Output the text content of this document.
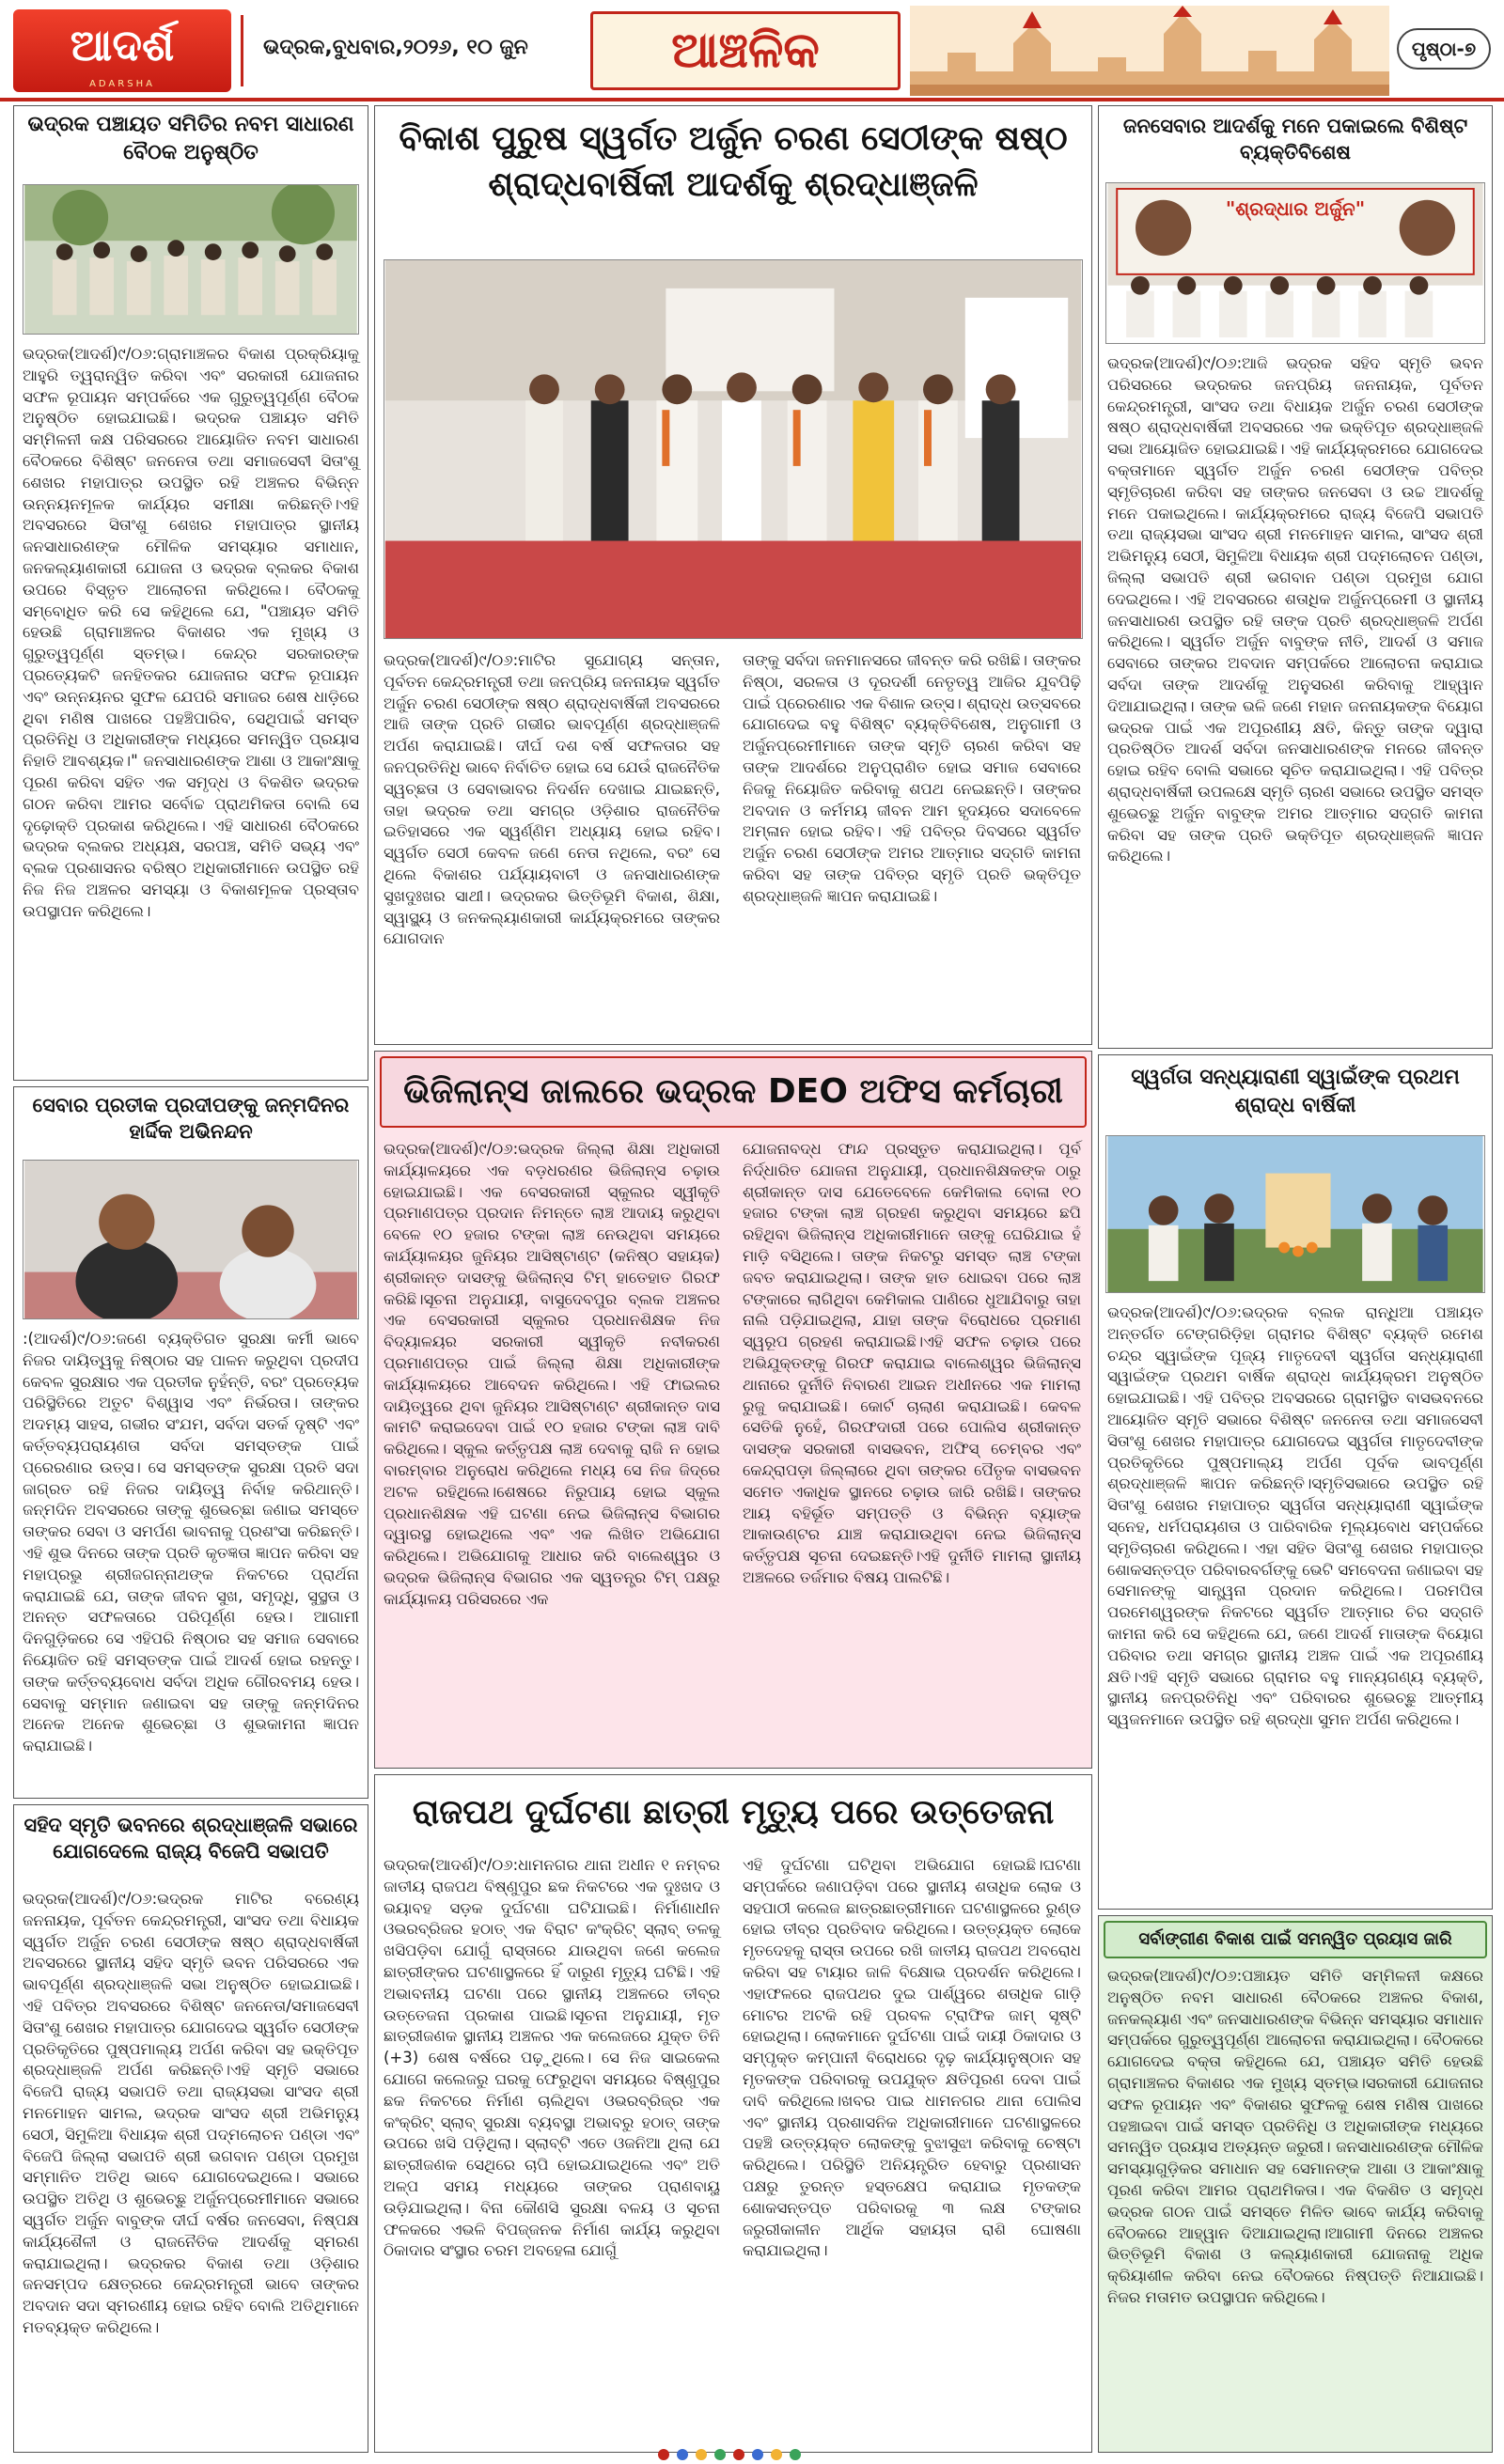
ଆଦର୍ଶ
ADARSHA
ଭଦ୍ରକ,ବୁଧବାର,୨୦୨୬, ୧୦ ଜୁନ	ଆଞ୍ଚଳିକ	ପୃଷ୍ଠା-୭
ଭଦ୍ରକ ପଞ୍ଚାୟତ ସମିତିର ନବମ ସାଧାରଣ ବୈଠକ ଅନୁଷ୍ଠିତ
ଭଦ୍ରକ(ଆଦର୍ଶ)୯/୦୬:ଗ୍ରାମାଞ୍ଚଳର ବିକାଶ ପ୍ରକ୍ରିୟାକୁ ଆହୁରି ତ୍ୱରାନ୍ୱିତ କରିବା ଏବଂ ସରକାରୀ ଯୋଜନାର ସଫଳ ରୂପାୟନ ସମ୍ପର୍କରେ ଏକ ଗୁରୁତ୍ୱପୂର୍ଣ୍ଣ ବୈଠକ ଅନୁଷ୍ଠିତ ହୋଇଯାଇଛି। ଭଦ୍ରକ ପଞ୍ଚାୟତ ସମିତି ସମ୍ମିଳନୀ କକ୍ଷ ପରିସରରେ ଆୟୋଜିତ ନବମ ସାଧାରଣ ବୈଠକରେ ବିଶିଷ୍ଟ ଜନନେତା ତଥା ସମାଜସେବୀ ସିତାଂଶୁ ଶେଖର ମହାପାତ୍ର ଉପସ୍ଥିତ ରହି ଅଞ୍ଚଳର ବିଭିନ୍ନ ଉନ୍ନୟନମୂଳକ କାର୍ଯ୍ୟର ସମୀକ୍ଷା କରିଛନ୍ତି।ଏହି ଅବସରରେ ସିତାଂଶୁ ଶେଖର ମହାପାତ୍ର ସ୍ଥାନୀୟ ଜନସାଧାରଣଙ୍କ ମୌଳିକ ସମସ୍ୟାର ସମାଧାନ, ଜନକଲ୍ୟାଣକାରୀ ଯୋଜନା ଓ ଭଦ୍ରକ ବ୍ଲକର ବିକାଶ ଉପରେ ବିସ୍ତୃତ ଆଲୋଚନା କରିଥିଲେ। ବୈଠକକୁ ସମ୍ବୋଧିତ କରି ସେ କହିଥିଲେ ଯେ, "ପଞ୍ଚାୟତ ସମିତି ହେଉଛି ଗ୍ରାମାଞ୍ଚଳର ବିକାଶର ଏକ ମୁଖ୍ୟ ଓ ଗୁରୁତ୍ୱପୂର୍ଣ୍ଣ ସ୍ତମ୍ଭ। କେନ୍ଦ୍ର ସରକାରଙ୍କ ପ୍ରତ୍ୟେକଟି ଜନହିତକର ଯୋଜନାର ସଫଳ ରୂପାୟନ ଏବଂ ଉନ୍ନୟନର ସୁଫଳ ଯେପରି ସମାଜର ଶେଷ ଧାଡ଼ିରେ ଥିବା ମଣିଷ ପାଖରେ ପହଞ୍ଚିପାରିବ, ସେଥିପାଇଁ ସମସ୍ତ ପ୍ରତିନିଧି ଓ ଅଧିକାରୀଙ୍କ ମଧ୍ୟରେ ସମନ୍ୱିତ ପ୍ରୟାସ ନିହାତି ଆବଶ୍ୟକ।" ଜନସାଧାରଣଙ୍କ ଆଶା ଓ ଆକାଂକ୍ଷାକୁ ପୂରଣ କରିବା ସହିତ ଏକ ସମୃଦ୍ଧ ଓ ବିକଶିତ ଭଦ୍ରକ ଗଠନ କରିବା ଆମର ସର୍ବୋଚ୍ଚ ପ୍ରାଥମିକତା ବୋଲି ସେ ଦୃଢ଼ୋକ୍ତି ପ୍ରକାଶ କରିଥିଲେ। ଏହି ସାଧାରଣ ବୈଠକରେ ଭଦ୍ରକ ବ୍ଲକର ଅଧ୍ୟକ୍ଷ, ସରପଞ୍ଚ, ସମିତି ସଭ୍ୟ ଏବଂ ବ୍ଲକ ପ୍ରଶାସନର ବରିଷ୍ଠ ଅଧିକାରୀମାନେ ଉପସ୍ଥିତ ରହି ନିଜ ନିଜ ଅଞ୍ଚଳର ସମସ୍ୟା ଓ ବିକାଶମୂଳକ ପ୍ରସ୍ତାବ ଉପସ୍ଥାପନ କରିଥିଲେ।
ସେବାର ପ୍ରତୀକ ପ୍ରଦୀପଙ୍କୁ ଜନ୍ମଦିନର ହାର୍ଦ୍ଦିକ ଅଭିନନ୍ଦନ
:(ଆଦର୍ଶ)୯/୦୬:ଜଣେ ବ୍ୟକ୍ତିଗତ ସୁରକ୍ଷା କର୍ମୀ ଭାବେ ନିଜର ଦାୟିତ୍ୱକୁ ନିଷ୍ଠାର ସହ ପାଳନ କରୁଥିବା ପ୍ରଦୀପ କେବଳ ସୁରକ୍ଷାର ଏକ ପ୍ରତୀକ ନୁହଁନ୍ତି, ବରଂ ପ୍ରତ୍ୟେକ ପରିସ୍ଥିତିରେ ଅତୁଟ ବିଶ୍ୱାସ ଏବଂ ନିର୍ଭରତା। ତାଙ୍କର ଅଦମ୍ୟ ସାହସ, ଗଭୀର ସଂଯମ, ସର୍ବଦା ସତର୍କ ଦୃଷ୍ଟି ଏବଂ କର୍ତ୍ତବ୍ୟପରାୟଣତା ସର୍ବଦା ସମସ୍ତଙ୍କ ପାଇଁ ପ୍ରେରଣାର ଉତ୍ସ। ସେ ସମସ୍ତଙ୍କ ସୁରକ୍ଷା ପ୍ରତି ସଦା ଜାଗ୍ରତ ରହି ନିଜର ଦାୟିତ୍ୱ ନିର୍ବାହ କରିଥାନ୍ତି। ଜନ୍ମଦିନ ଅବସରରେ ତାଙ୍କୁ ଶୁଭେଚ୍ଛା ଜଣାଇ ସମସ୍ତେ ତାଙ୍କର ସେବା ଓ ସମର୍ପଣ ଭାବନାକୁ ପ୍ରଶଂସା କରିଛନ୍ତି। ଏହି ଶୁଭ ଦିନରେ ତାଙ୍କ ପ୍ରତି କୃତଜ୍ଞତା ଜ୍ଞାପନ କରିବା ସହ ମହାପ୍ରଭୁ ଶ୍ରୀଜଗନ୍ନାଥଙ୍କ ନିକଟରେ ପ୍ରାର୍ଥନା କରାଯାଇଛି ଯେ, ତାଙ୍କ ଜୀବନ ସୁଖ, ସମୃଦ୍ଧି, ସୁସ୍ଥତା ଓ ଅନନ୍ତ ସଫଳତାରେ ପରିପୂର୍ଣ୍ଣ ହେଉ। ଆଗାମୀ ଦିନଗୁଡ଼ିକରେ ସେ ଏହିପରି ନିଷ୍ଠାର ସହ ସମାଜ ସେବାରେ ନିୟୋଜିତ ରହି ସମସ୍ତଙ୍କ ପାଇଁ ଆଦର୍ଶ ହୋଇ ରହନ୍ତୁ। ତାଙ୍କ କର୍ତ୍ତବ୍ୟବୋଧ ସର୍ବଦା ଅଧିକ ଗୌରବମୟ ହେଉ। ସେବାକୁ ସମ୍ମାନ ଜଣାଇବା ସହ ତାଙ୍କୁ ଜନ୍ମଦିନର ଅନେକ ଅନେକ ଶୁଭେଚ୍ଛା ଓ ଶୁଭକାମନା ଜ୍ଞାପନ କରାଯାଇଛି।
ସହିଦ ସ୍ମୃତି ଭବନରେ ଶ୍ରଦ୍ଧାଞ୍ଜଳି ସଭାରେ ଯୋଗଦେଲେ ରାଜ୍ୟ ବିଜେପି ସଭାପତି
ଭଦ୍ରକ(ଆଦର୍ଶ)୯/୦୬:ଭଦ୍ରକ ମାଟିର ବରେଣ୍ୟ ଜନନାୟକ, ପୂର୍ବତନ କେନ୍ଦ୍ରମନ୍ତ୍ରୀ, ସାଂସଦ ତଥା ବିଧାୟକ ସ୍ୱର୍ଗତ ଅର୍ଜୁନ ଚରଣ ସେଠୀଙ୍କ ଷଷ୍ଠ ଶ୍ରାଦ୍ଧବାର୍ଷିକୀ ଅବସରରେ ସ୍ଥାନୀୟ ସହିଦ ସ୍ମୃତି ଭବନ ପରିସରରେ ଏକ ଭାବପୂର୍ଣ୍ଣ ଶ୍ରଦ୍ଧାଞ୍ଜଳି ସଭା ଅନୁଷ୍ଠିତ ହୋଇଯାଇଛି। ଏହି ପବିତ୍ର ଅବସରରେ ବିଶିଷ୍ଟ ଜନନେତା/ସମାଜସେବୀ ସିତାଂଶୁ ଶେଖର ମହାପାତ୍ର ଯୋଗଦେଇ ସ୍ୱର୍ଗତ ସେଠୀଙ୍କ ପ୍ରତିକୃତିରେ ପୁଷ୍ପମାଲ୍ୟ ଅର୍ପଣ କରିବା ସହ ଭକ୍ତିପୂତ ଶ୍ରଦ୍ଧାଞ୍ଜଳି ଅର୍ପଣ କରିଛନ୍ତି।ଏହି ସ୍ମୃତି ସଭାରେ ବିଜେପି ରାଜ୍ୟ ସଭାପତି ତଥା ରାଜ୍ୟସଭା ସାଂସଦ ଶ୍ରୀ ମନମୋହନ ସାମଲ, ଭଦ୍ରକ ସାଂସଦ ଶ୍ରୀ ଅଭିମନ୍ୟୁ ସେଠୀ, ସିମୁଳିଆ ବିଧାୟକ ଶ୍ରୀ ପଦ୍ମଲୋଚନ ପଣ୍ଡା ଏବଂ ବିଜେପି ଜିଲ୍ଲା ସଭାପତି ଶ୍ରୀ ଭଗବାନ ପଣ୍ଡା ପ୍ରମୁଖ ସମ୍ମାନିତ ଅତିଥି ଭାବେ ଯୋଗଦେଇଥିଲେ। ସଭାରେ ଉପସ୍ଥିତ ଅତିଥି ଓ ଶୁଭେଚ୍ଛୁ ଅର୍ଜୁନପ୍ରେମୀମାନେ ସଭାରେ ସ୍ୱର୍ଗତ ଅର୍ଜୁନ ବାବୁଙ୍କ ଦୀର୍ଘ ବର୍ଷର ଜନସେବା, ନିଷ୍ପକ୍ଷ କାର୍ଯ୍ୟଶୈଳୀ ଓ ରାଜନୈତିକ ଆଦର୍ଶକୁ ସ୍ମରଣ କରାଯାଇଥିଲା। ଭଦ୍ରକର ବିକାଶ ତଥା ଓଡ଼ିଶାର ଜନସମ୍ପଦ କ୍ଷେତ୍ରରେ କେନ୍ଦ୍ରମନ୍ତ୍ରୀ ଭାବେ ତାଙ୍କର ଅବଦାନ ସଦା ସ୍ମରଣୀୟ ହୋଇ ରହିବ ବୋଲି ଅତିଥିମାନେ ମତବ୍ୟକ୍ତ କରିଥିଲେ।
ବିକାଶ ପୁରୁଷ ସ୍ୱର୍ଗତ ଅର୍ଜୁନ ଚରଣ ସେଠୀଙ୍କ ଷଷ୍ଠ ଶ୍ରାଦ୍ଧବାର୍ଷିକୀ ଆଦର୍ଶକୁ ଶ୍ରଦ୍ଧାଞ୍ଜଳି
ଭଦ୍ରକ(ଆଦର୍ଶ)୯/୦୬:ମାଟିର ସୁଯୋଗ୍ୟ ସନ୍ତାନ, ପୂର୍ବତନ କେନ୍ଦ୍ରମନ୍ତ୍ରୀ ତଥା ଜନପ୍ରିୟ ଜନନାୟକ ସ୍ୱର୍ଗତ ଅର୍ଜୁନ ଚରଣ ସେଠୀଙ୍କ ଷଷ୍ଠ ଶ୍ରାଦ୍ଧବାର୍ଷିକୀ ଅବସରରେ ଆଜି ତାଙ୍କ ପ୍ରତି ଗଭୀର ଭାବପୂର୍ଣ୍ଣ ଶ୍ରଦ୍ଧାଞ୍ଜଳି ଅର୍ପଣ କରାଯାଇଛି। ଦୀର୍ଘ ଦଶ ବର୍ଷ ସଫଳତାର ସହ ଜନପ୍ରତିନିଧି ଭାବେ ନିର୍ବାଚିତ ହୋଇ ସେ ଯେଉଁ ରାଜନୈତିକ ସ୍ୱଚ୍ଛତା ଓ ସେବାଭାବର ନିଦର୍ଶନ ଦେଖାଇ ଯାଇଛନ୍ତି, ତାହା ଭଦ୍ରକ ତଥା ସମଗ୍ର ଓଡ଼ିଶାର ରାଜନୈତିକ ଇତିହାସରେ ଏକ ସ୍ୱର୍ଣ୍ଣିମ ଅଧ୍ୟାୟ ହୋଇ ରହିବ। ସ୍ୱର୍ଗତ ସେଠୀ କେବଳ ଜଣେ ନେତା ନଥିଲେ, ବରଂ ସେ ଥିଲେ ବିକାଶର ପର୍ଯ୍ୟାୟବାଚୀ ଓ ଜନସାଧାରଣଙ୍କ ସୁଖଦୁଃଖର ସାଥୀ। ଭଦ୍ରକର ଭିତ୍ତିଭୂମି ବିକାଶ, ଶିକ୍ଷା, ସ୍ୱାସ୍ଥ୍ୟ ଓ ଜନକଲ୍ୟାଣକାରୀ କାର୍ଯ୍ୟକ୍ରମରେ ତାଙ୍କର ଯୋଗଦାନ
ତାଙ୍କୁ ସର୍ବଦା ଜନମାନସରେ ଜୀବନ୍ତ କରି ରଖିଛି। ତାଙ୍କର ନିଷ୍ଠା, ସରଳତା ଓ ଦୂରଦର୍ଶୀ ନେତୃତ୍ୱ ଆଜିର ଯୁବପିଢ଼ି ପାଇଁ ପ୍ରେରଣାର ଏକ ବିଶାଳ ଉତ୍ସ। ଶ୍ରାଦ୍ଧ ଉତ୍ସବରେ ଯୋଗଦେଇ ବହୁ ବିଶିଷ୍ଟ ବ୍ୟକ୍ତିବିଶେଷ, ଅନୁଗାମୀ ଓ ଅର୍ଜୁନପ୍ରେମୀମାନେ ତାଙ୍କ ସ୍ମୃତି ଚାରଣ କରିବା ସହ ତାଙ୍କ ଆଦର୍ଶରେ ଅନୁପ୍ରାଣିତ ହୋଇ ସମାଜ ସେବାରେ ନିଜକୁ ନିୟୋଜିତ କରିବାକୁ ଶପଥ ନେଇଛନ୍ତି। ତାଙ୍କର ଅବଦାନ ଓ କର୍ମମୟ ଜୀବନ ଆମ ହୃଦୟରେ ସଦାବେଳେ ଅମ୍ଳାନ ହୋଇ ରହିବ। ଏହି ପବିତ୍ର ଦିବସରେ ସ୍ୱର୍ଗତ ଅର୍ଜୁନ ଚରଣ ସେଠୀଙ୍କ ଅମର ଆତ୍ମାର ସଦ୍‌ଗତି କାମନା କରିବା ସହ ତାଙ୍କ ପବିତ୍ର ସ୍ମୃତି ପ୍ରତି ଭକ୍ତିପୂତ ଶ୍ରଦ୍ଧାଞ୍ଜଳି ଜ୍ଞାପନ କରାଯାଇଛି।
ଭିଜିଲାନ୍ସ ଜାଲରେ ଭଦ୍ରକ DEO ଅଫିସ କର୍ମଚାରୀ
ଭଦ୍ରକ(ଆଦର୍ଶ)୯/୦୬:ଭଦ୍ରକ ଜିଲ୍ଲା ଶିକ୍ଷା ଅଧିକାରୀ କାର୍ଯ୍ୟାଳୟରେ ଏକ ବଡ଼ଧରଣର ଭିଜିଲାନ୍ସ ଚଢ଼ାଉ ହୋଇଯାଇଛି। ଏକ ବେସରକାରୀ ସ୍କୁଲର ସ୍ୱୀକୃତି ପ୍ରମାଣପତ୍ର ପ୍ରଦାନ ନିମନ୍ତେ ଲାଞ୍ଚ ଆଦାୟ କରୁଥିବା ବେଳେ ୧୦ ହଜାର ଟଙ୍କା ଲାଞ୍ଚ ନେଉଥିବା ସମୟରେ କାର୍ଯ୍ୟାଳୟର ଜୁନିୟର ଆସିଷ୍ଟାଣ୍ଟ (କନିଷ୍ଠ ସହାୟକ) ଶ୍ରୀକାନ୍ତ ଦାସଙ୍କୁ ଭିଜିଲାନ୍ସ ଟିମ୍ ହାତେହାତ ଗିରଫ କରିଛି।ସୂଚନା ଅନୁଯାୟୀ, ବାସୁଦେବପୁର ବ୍ଲକ ଅଞ୍ଚଳର ଏକ ବେସରକାରୀ ସ୍କୁଲର ପ୍ରଧାନଶିକ୍ଷକ ନିଜ ବିଦ୍ୟାଳୟର ସରକାରୀ ସ୍ୱୀକୃତି ନବୀକରଣ ପ୍ରମାଣପତ୍ର ପାଇଁ ଜିଲ୍ଲା ଶିକ୍ଷା ଅଧିକାରୀଙ୍କ କାର୍ଯ୍ୟାଳୟରେ ଆବେଦନ କରିଥିଲେ। ଏହି ଫାଇଲର ଦାୟିତ୍ୱରେ ଥିବା ଜୁନିୟର ଆସିଷ୍ଟାଣ୍ଟ ଶ୍ରୀକାନ୍ତ ଦାସ କାମଟି କରାଇଦେବା ପାଇଁ ୧୦ ହଜାର ଟଙ୍କା ଲାଞ୍ଚ ଦାବି କରିଥିଲେ। ସ୍କୁଲ କର୍ତ୍ତୃପକ୍ଷ ଲାଞ୍ଚ ଦେବାକୁ ରାଜି ନ ହୋଇ ବାରମ୍ବାର ଅନୁରୋଧ କରିଥିଲେ ମଧ୍ୟ ସେ ନିଜ ଜିଦ୍‌ରେ ଅଟଳ ରହିଥିଲେ।ଶେଷରେ ନିରୁପାୟ ହୋଇ ସ୍କୁଲ ପ୍ରଧାନଶିକ୍ଷକ ଏହି ଘଟଣା ନେଇ ଭିଜିଲାନ୍ସ ବିଭାଗର ଦ୍ୱାରସ୍ଥ ହୋଇଥିଲେ ଏବଂ ଏକ ଲିଖିତ ଅଭିଯୋଗ କରିଥିଲେ। ଅଭିଯୋଗକୁ ଆଧାର କରି ବାଲେଶ୍ୱର ଓ ଭଦ୍ରକ ଭିଜିଲାନ୍ସ ବିଭାଗର ଏକ ସ୍ୱତନ୍ତ୍ର ଟିମ୍ ପକ୍ଷରୁ କାର୍ଯ୍ୟାଳୟ ପରିସରରେ ଏକ
ଯୋଜନାବଦ୍ଧ ଫାନ୍ଦ ପ୍ରସ୍ତୁତ କରାଯାଇଥିଲା। ପୂର୍ବ ନିର୍ଦ୍ଧାରିତ ଯୋଜନା ଅନୁଯାୟୀ, ପ୍ରଧାନଶିକ୍ଷକଙ୍କ ଠାରୁ ଶ୍ରୀକାନ୍ତ ଦାସ ଯେତେବେଳେ କେମିକାଲ ବୋଳା ୧୦ ହଜାର ଟଙ୍କା ଲାଞ୍ଚ ଗ୍ରହଣ କରୁଥିବା ସମୟରେ ଛପି ରହିଥିବା ଭିଜିଲାନ୍ସ ଅଧିକାରୀମାନେ ତାଙ୍କୁ ଘେରିଯାଇ ହଁ ମାଡ଼ି ବସିଥିଲେ। ତାଙ୍କ ନିକଟରୁ ସମସ୍ତ ଲାଞ୍ଚ ଟଙ୍କା ଜବତ କରାଯାଇଥିଲା। ତାଙ୍କ ହାତ ଧୋଇବା ପରେ ଲାଞ୍ଚ ଟଙ୍କାରେ ଲାଗିଥିବା କେମିକାଲ ପାଣିରେ ଧୁଆଯିବାରୁ ତାହା ନାଲି ପଡ଼ିଯାଇଥିଲା, ଯାହା ତାଙ୍କ ବିରୋଧରେ ପ୍ରମାଣ ସ୍ୱରୂପ ଗ୍ରହଣ କରାଯାଇଛି।ଏହି ସଫଳ ଚଢ଼ାଉ ପରେ ଅଭିଯୁକ୍ତଙ୍କୁ ଗିରଫ କରାଯାଇ ବାଲେଶ୍ୱର ଭିଜିଲାନ୍ସ ଥାନାରେ ଦୁର୍ନୀତି ନିବାରଣ ଆଇନ ଅଧୀନରେ ଏକ ମାମଲା ରୁଜୁ କରାଯାଇଛି। କୋର୍ଟ ଚାଲାଣ କରାଯାଇଛି। କେବଳ ସେତିକି ନୁହେଁ, ଗିରଫଦାରୀ ପରେ ପୋଲିସ ଶ୍ରୀକାନ୍ତ ଦାସଙ୍କ ସରକାରୀ ବାସଭବନ, ଅଫିସ୍ ଚେମ୍ବର ଏବଂ କେନ୍ଦ୍ରାପଡ଼ା ଜିଲ୍ଲାରେ ଥିବା ତାଙ୍କର ପୈତୃକ ବାସଭବନ ସମେତ ଏକାଧିକ ସ୍ଥାନରେ ଚଢ଼ାଉ ଜାରି ରଖିଛି। ତାଙ୍କର ଆୟ ବହିର୍ଭୂତ ସମ୍ପତ୍ତି ଓ ବିଭିନ୍ନ ବ୍ୟାଙ୍କ ଆକାଉଣ୍ଟର ଯାଞ୍ଚ କରାଯାଉଥିବା ନେଇ ଭିଜିଲାନ୍ସ କର୍ତ୍ତୃପକ୍ଷ ସୂଚନା ଦେଇଛନ୍ତି।ଏହି ଦୁର୍ନୀତି ମାମଲା ସ୍ଥାନୀୟ ଅଞ୍ଚଳରେ ତର୍ଜମାର ବିଷୟ ପାଲଟିଛି।
ରାଜପଥ ଦୁର୍ଘଟଣା ଛାତ୍ରୀ ମୃତ୍ୟୁ ପରେ ଉତ୍ତେଜନା
ଭଦ୍ରକ(ଆଦର୍ଶ)୯/୦୬:ଧାମନଗର ଥାନା ଅଧୀନ ୧ ନମ୍ବର ଜାତୀୟ ରାଜପଥ ବିଷ୍ଣୁପୁର ଛକ ନିକଟରେ ଏକ ଦୁଃଖଦ ଓ ଭୟାବହ ସଡ଼କ ଦୁର୍ଘଟଣା ଘଟିଯାଇଛି। ନିର୍ମାଣାଧୀନ ଓଭରବ୍ରିଜର ହଠାତ୍ ଏକ ବିରାଟ କଂକ୍ରିଟ୍ ସ୍ଲାବ୍ ତଳକୁ ଖସିପଡ଼ିବା ଯୋଗୁଁ ରାସ୍ତାରେ ଯାଉଥିବା ଜଣେ କଲେଜ ଛାତ୍ରୀଙ୍କର ଘଟଣାସ୍ଥଳରେ ହିଁ ଦାରୁଣ ମୃତ୍ୟୁ ଘଟିଛି। ଏହି ଅଭାବନୀୟ ଘଟଣା ପରେ ସ୍ଥାନୀୟ ଅଞ୍ଚଳରେ ତୀବ୍ର ଉତ୍ତେଜନା ପ୍ରକାଶ ପାଇଛି।ସୂଚନା ଅନୁଯାୟୀ, ମୃତ ଛାତ୍ରୀଜଣକ ସ୍ଥାନୀୟ ଅଞ୍ଚଳର ଏକ କଲେଜରେ ଯୁକ୍ତ ତିନି (+3) ଶେଷ ବର୍ଷରେ ପଢ଼ୁଥିଲେ। ସେ ନିଜ ସାଇକେଲ ଯୋଗେ କଲେଜରୁ ଘରକୁ ଫେରୁଥିବା ସମୟରେ ବିଷ୍ଣୁପୁର ଛକ ନିକଟରେ ନିର୍ମାଣ ଚାଲିଥିବା ଓଭରବ୍ରିଜ୍‌ର ଏକ କଂକ୍ରିଟ୍ ସ୍ଲାବ୍ ସୁରକ୍ଷା ବ୍ୟବସ୍ଥା ଅଭାବରୁ ହଠାତ୍ ତାଙ୍କ ଉପରେ ଖସି ପଡ଼ିଥିଲା। ସ୍ଲାବ୍‌ଟି ଏତେ ଓଜନିଆ ଥିଲା ଯେ ଛାତ୍ରୀଜଣକ ସେଥିରେ ଚାପି ହୋଇଯାଇଥିଲେ ଏବଂ ଅତି ଅଳ୍ପ ସମୟ ମଧ୍ୟରେ ତାଙ୍କର ପ୍ରାଣବାୟୁ ଉଡ଼ିଯାଇଥିଲା। ବିନା କୌଣସି ସୁରକ୍ଷା ବଳୟ ଓ ସୂଚନା ଫଳକରେ ଏଭଳି ବିପଜ୍ଜନକ ନିର୍ମାଣ କାର୍ଯ୍ୟ କରୁଥିବା ଠିକାଦାର ସଂସ୍ଥାର ଚରମ ଅବହେଳା ଯୋଗୁଁ
ଏହି ଦୁର୍ଘଟଣା ଘଟିଥିବା ଅଭିଯୋଗ ହୋଇଛି।ଘଟଣା ସମ୍ପର୍କରେ ଜଣାପଡ଼ିବା ପରେ ସ୍ଥାନୀୟ ଶତାଧିକ ଲୋକ ଓ ସହପାଠୀ କଲେଜ ଛାତ୍ରଛାତ୍ରୀମାନେ ଘଟଣାସ୍ଥଳରେ ରୁଣ୍ଡ ହୋଇ ତୀବ୍ର ପ୍ରତିବାଦ କରିଥିଲେ। ଉତ୍ତ୍ୟକ୍ତ ଲୋକେ ମୃତଦେହକୁ ରାସ୍ତା ଉପରେ ରଖି ଜାତୀୟ ରାଜପଥ ଅବରୋଧ କରିବା ସହ ଟାୟାର ଜାଳି ବିକ୍ଷୋଭ ପ୍ରଦର୍ଶନ କରିଥିଲେ। ଏହାଫଳରେ ରାଜପଥର ଦୁଇ ପାର୍ଶ୍ୱରେ ଶତାଧିକ ଗାଡ଼ି ମୋଟର ଅଟକି ରହି ପ୍ରବଳ ଟ୍ରାଫିକ ଜାମ୍ ସୃଷ୍ଟି ହୋଇଥିଲା। ଲୋକମାନେ ଦୁର୍ଘଟଣା ପାଇଁ ଦାୟୀ ଠିକାଦାର ଓ ସମ୍ପୃକ୍ତ କମ୍ପାନୀ ବିରୋଧରେ ଦୃଢ଼ କାର୍ଯ୍ୟାନୁଷ୍ଠାନ ସହ ମୃତକଙ୍କ ପରିବାରକୁ ଉପଯୁକ୍ତ କ୍ଷତିପୂରଣ ଦେବା ପାଇଁ ଦାବି କରିଥିଲେ।ଖବର ପାଇ ଧାମନଗର ଥାନା ପୋଲିସ ଏବଂ ସ୍ଥାନୀୟ ପ୍ରଶାସନିକ ଅଧିକାରୀମାନେ ଘଟଣାସ୍ଥଳରେ ପହଞ୍ଚି ଉତ୍ତ୍ୟକ୍ତ ଲୋକଙ୍କୁ ବୁଝାସୁଝା କରିବାକୁ ଚେଷ୍ଟା କରିଥିଲେ। ପରିସ୍ଥିତି ଅନିୟନ୍ତ୍ରିତ ହେବାରୁ ପ୍ରଶାସନ ପକ୍ଷରୁ ତୁରନ୍ତ ହସ୍ତକ୍ଷେପ କରାଯାଇ ମୃତକଙ୍କ ଶୋକସନ୍ତପ୍ତ ପରିବାରକୁ ୩ ଲକ୍ଷ ଟଙ୍କାର ଜରୁରୀକାଳୀନ ଆର୍ଥିକ ସହାୟତା ରାଶି ଘୋଷଣା କରାଯାଇଥିଲା।
ଜନସେବାର ଆଦର୍ଶକୁ ମନେ ପକାଇଲେ ବିଶିଷ୍ଟ ବ୍ୟକ୍ତିବିଶେଷ
"ଶ୍ରଦ୍ଧାର ଅର୍ଜୁନ"
ଭଦ୍ରକ(ଆଦର୍ଶ)୯/୦୬:ଆଜି ଭଦ୍ରକ ସହିଦ ସ୍ମୃତି ଭବନ ପରିସରରେ ଭଦ୍ରକର ଜନପ୍ରିୟ ଜନନାୟକ, ପୂର୍ବତନ କେନ୍ଦ୍ରମନ୍ତ୍ରୀ, ସାଂସଦ ତଥା ବିଧାୟକ ଅର୍ଜୁନ ଚରଣ ସେଠୀଙ୍କ ଷଷ୍ଠ ଶ୍ରାଦ୍ଧବାର୍ଷିକୀ ଅବସରରେ ଏକ ଭକ୍ତିପୂତ ଶ୍ରଦ୍ଧାଞ୍ଜଳି ସଭା ଆୟୋଜିତ ହୋଇଯାଇଛି। ଏହି କାର୍ଯ୍ୟକ୍ରମରେ ଯୋଗଦେଇ ବକ୍ତାମାନେ ସ୍ୱର୍ଗତ ଅର୍ଜୁନ ଚରଣ ସେଠୀଙ୍କ ପବିତ୍ର ସ୍ମୃତିଚାରଣ କରିବା ସହ ତାଙ୍କର ଜନସେବା ଓ ଉଚ୍ଚ ଆଦର୍ଶକୁ ମନେ ପକାଇଥିଲେ। କାର୍ଯ୍ୟକ୍ରମରେ ରାଜ୍ୟ ବିଜେପି ସଭାପତି ତଥା ରାଜ୍ୟସଭା ସାଂସଦ ଶ୍ରୀ ମନମୋହନ ସାମଲ, ସାଂସଦ ଶ୍ରୀ ଅଭିମନ୍ୟୁ ସେଠୀ, ସିମୁଳିଆ ବିଧାୟକ ଶ୍ରୀ ପଦ୍ମଲୋଚନ ପଣ୍ଡା, ଜିଲ୍ଲା ସଭାପତି ଶ୍ରୀ ଭଗବାନ ପଣ୍ଡା ପ୍ରମୁଖ ଯୋଗ ଦେଇଥିଲେ। ଏହି ଅବସରରେ ଶତାଧିକ ଅର୍ଜୁନପ୍ରେମୀ ଓ ସ୍ଥାନୀୟ ଜନସାଧାରଣ ଉପସ୍ଥିତ ରହି ତାଙ୍କ ପ୍ରତି ଶ୍ରଦ୍ଧାଞ୍ଜଳି ଅର୍ପଣ କରିଥିଲେ। ସ୍ୱର୍ଗତ ଅର୍ଜୁନ ବାବୁଙ୍କ ନୀତି, ଆଦର୍ଶ ଓ ସମାଜ ସେବାରେ ତାଙ୍କର ଅବଦାନ ସମ୍ପର୍କରେ ଆଲୋଚନା କରାଯାଇ ସର୍ବଦା ତାଙ୍କ ଆଦର୍ଶକୁ ଅନୁସରଣ କରିବାକୁ ଆହ୍ୱାନ ଦିଆଯାଇଥିଲା। ତାଙ୍କ ଭଳି ଜଣେ ମହାନ ଜନନାୟକଙ୍କ ବିୟୋଗ ଭଦ୍ରକ ପାଇଁ ଏକ ଅପୂରଣୀୟ କ୍ଷତି, କିନ୍ତୁ ତାଙ୍କ ଦ୍ୱାରା ପ୍ରତିଷ୍ଠିତ ଆଦର୍ଶ ସର୍ବଦା ଜନସାଧାରଣଙ୍କ ମନରେ ଜୀବନ୍ତ ହୋଇ ରହିବ ବୋଲି ସଭାରେ ସୂଚିତ କରାଯାଇଥିଲା। ଏହି ପବିତ୍ର ଶ୍ରାଦ୍ଧବାର୍ଷିକୀ ଉପଲକ୍ଷେ ସ୍ମୃତି ଚାରଣ ସଭାରେ ଉପସ୍ଥିତ ସମସ୍ତ ଶୁଭେଚ୍ଛୁ ଅର୍ଜୁନ ବାବୁଙ୍କ ଅମର ଆତ୍ମାର ସଦ୍‌ଗତି କାମନା କରିବା ସହ ତାଙ୍କ ପ୍ରତି ଭକ୍ତିପୂତ ଶ୍ରଦ୍ଧାଞ୍ଜଳି ଜ୍ଞାପନ କରିଥିଲେ।
ସ୍ୱର୍ଗତା ସନ୍ଧ୍ୟାରାଣୀ ସ୍ୱାଇଁଙ୍କ ପ୍ରଥମ ଶ୍ରାଦ୍ଧ ବାର୍ଷିକୀ
ଭଦ୍ରକ(ଆଦର୍ଶ)୯/୦୬:ଭଦ୍ରକ ବ୍ଲକ ରାନ୍ଧିଆ ପଞ୍ଚାୟତ ଅନ୍ତର୍ଗତ ଟେଙ୍ଗରିଡ଼ିହା ଗ୍ରାମର ବିଶିଷ୍ଟ ବ୍ୟକ୍ତି ରମେଶ ଚନ୍ଦ୍ର ସ୍ୱାଇଁଙ୍କ ପୂଜ୍ୟ ମାତୃଦେବୀ ସ୍ୱର୍ଗତା ସନ୍ଧ୍ୟାରାଣୀ ସ୍ୱାଇଁଙ୍କ ପ୍ରଥମ ବାର୍ଷିକ ଶ୍ରାଦ୍ଧ କାର୍ଯ୍ୟକ୍ରମ ଅନୁଷ୍ଠିତ ହୋଇଯାଇଛି। ଏହି ପବିତ୍ର ଅବସରରେ ଗ୍ରାମସ୍ଥିତ ବାସଭବନରେ ଆୟୋଜିତ ସ୍ମୃତି ସଭାରେ ବିଶିଷ୍ଟ ଜନନେତା ତଥା ସମାଜସେବୀ ସିତାଂଶୁ ଶେଖର ମହାପାତ୍ର ଯୋଗଦେଇ ସ୍ୱର୍ଗତା ମାତୃଦେବୀଙ୍କ ପ୍ରତିକୃତିରେ ପୁଷ୍ପମାଲ୍ୟ ଅର୍ପଣ ପୂର୍ବକ ଭାବପୂର୍ଣ୍ଣ ଶ୍ରଦ୍ଧାଞ୍ଜଳି ଜ୍ଞାପନ କରିଛନ୍ତି।ସ୍ମୃତିସଭାରେ ଉପସ୍ଥିତ ରହି ସିତାଂଶୁ ଶେଖର ମହାପାତ୍ର ସ୍ୱର୍ଗତା ସନ୍ଧ୍ୟାରାଣୀ ସ୍ୱାଇଁଙ୍କ ସ୍ନେହ, ଧର୍ମପରାୟଣତା ଓ ପାରିବାରିକ ମୂଲ୍ୟବୋଧ ସମ୍ପର୍କରେ ସ୍ମୃତିଚାରଣ କରିଥିଲେ। ଏହା ସହିତ ସିତାଂଶୁ ଶେଖର ମହାପାତ୍ର ଶୋକସନ୍ତପ୍ତ ପରିବାରବର୍ଗଙ୍କୁ ଭେଟି ସମବେଦନା ଜଣାଇବା ସହ ସେମାନଙ୍କୁ ସାନ୍ତ୍ୱନା ପ୍ରଦାନ କରିଥିଲେ। ପରମପିତା ପରମେଶ୍ୱରଙ୍କ ନିକଟରେ ସ୍ୱର୍ଗତ ଆତ୍ମାର ଚିର ସଦ୍‌ଗତି କାମନା କରି ସେ କହିଥିଲେ ଯେ, ଜଣେ ଆଦର୍ଶ ମାତାଙ୍କ ବିୟୋଗ ପରିବାର ତଥା ସମଗ୍ର ସ୍ଥାନୀୟ ଅଞ୍ଚଳ ପାଇଁ ଏକ ଅପୂରଣୀୟ କ୍ଷତି।ଏହି ସ୍ମୃତି ସଭାରେ ଗ୍ରାମର ବହୁ ମାନ୍ୟଗଣ୍ୟ ବ୍ୟକ୍ତି, ସ୍ଥାନୀୟ ଜନପ୍ରତିନିଧି ଏବଂ ପରିବାରର ଶୁଭେଚ୍ଛୁ ଆତ୍ମୀୟ ସ୍ୱଜନମାନେ ଉପସ୍ଥିତ ରହି ଶ୍ରଦ୍ଧା ସୁମନ ଅର୍ପଣ କରିଥିଲେ।
ସର୍ବାଙ୍ଗୀଣ ବିକାଶ ପାଇଁ ସମନ୍ୱିତ ପ୍ରୟାସ ଜାରି
ଭଦ୍ରକ(ଆଦର୍ଶ)୯/୦୬:ପଞ୍ଚାୟତ ସମିତି ସମ୍ମିଳନୀ କକ୍ଷରେ ଅନୁଷ୍ଠିତ ନବମ ସାଧାରଣ ବୈଠକରେ ଅଞ୍ଚଳର ବିକାଶ, ଜନକଲ୍ୟାଣ ଏବଂ ଜନସାଧାରଣଙ୍କ ବିଭିନ୍ନ ସମସ୍ୟାର ସମାଧାନ ସମ୍ପର୍କରେ ଗୁରୁତ୍ୱପୂର୍ଣ୍ଣ ଆଲୋଚନା କରାଯାଇଥିଲା। ବୈଠକରେ ଯୋଗଦେଇ ବକ୍ତା କହିଥିଲେ ଯେ, ପଞ୍ଚାୟତ ସମିତି ହେଉଛି ଗ୍ରାମାଞ୍ଚଳର ବିକାଶର ଏକ ମୁଖ୍ୟ ସ୍ତମ୍ଭ।ସରକାରୀ ଯୋଜନାର ସଫଳ ରୂପାୟନ ଏବଂ ବିକାଶର ସୁଫଳକୁ ଶେଷ ମଣିଷ ପାଖରେ ପହଞ୍ଚାଇବା ପାଇଁ ସମସ୍ତ ପ୍ରତିନିଧି ଓ ଅଧିକାରୀଙ୍କ ମଧ୍ୟରେ ସମନ୍ୱିତ ପ୍ରୟାସ ଅତ୍ୟନ୍ତ ଜରୁରୀ। ଜନସାଧାରଣଙ୍କ ମୌଳିକ ସମସ୍ୟାଗୁଡ଼ିକର ସମାଧାନ ସହ ସେମାନଙ୍କ ଆଶା ଓ ଆକାଂକ୍ଷାକୁ ପୂରଣ କରିବା ଆମର ପ୍ରାଥମିକତା। ଏକ ବିକଶିତ ଓ ସମୃଦ୍ଧ ଭଦ୍ରକ ଗଠନ ପାଇଁ ସମସ୍ତେ ମିଳିତ ଭାବେ କାର୍ଯ୍ୟ କରିବାକୁ ବୈଠକରେ ଆହ୍ୱାନ ଦିଆଯାଇଥିଲା।ଆଗାମୀ ଦିନରେ ଅଞ୍ଚଳର ଭିତ୍ତିଭୂମି ବିକାଶ ଓ କଲ୍ୟାଣକାରୀ ଯୋଜନାକୁ ଅଧିକ କ୍ରିୟାଶୀଳ କରିବା ନେଇ ବୈଠକରେ ନିଷ୍ପତ୍ତି ନିଆଯାଇଛି। ନିଜର ମତାମତ ଉପସ୍ଥାପନ କରିଥିଲେ।
